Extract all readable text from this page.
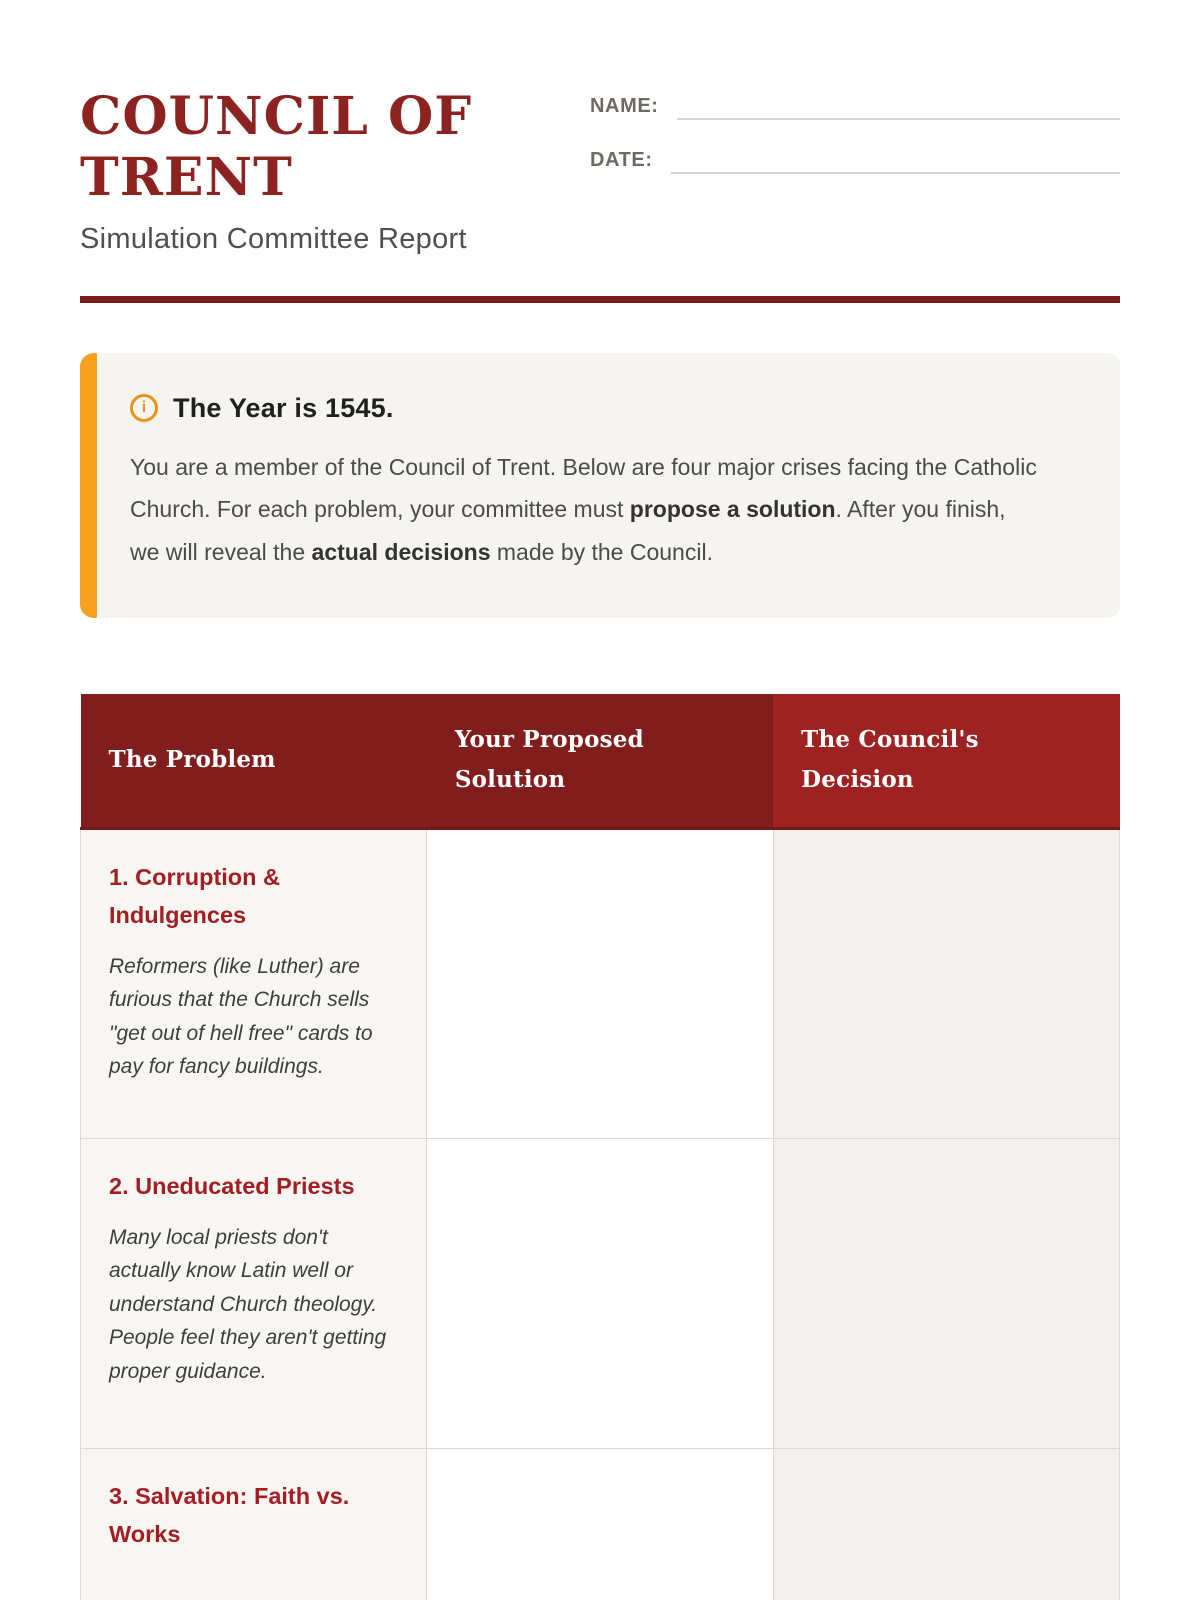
COUNCIL OF TRENT
Simulation Committee Report
NAME:
DATE:
i The Year is 1545.

You are a member of the Council of Trent. Below are four major crises facing the Catholic Church. For each problem, your committee must propose a solution. After you finish, we will reveal the actual decisions made by the Council.

The Problem	Your Proposed Solution	The Council's Decision

1. Corruption & Indulgences
Reformers (like Luther) are furious that the Church sells "get out of hell free" cards to pay for fancy buildings.		

2. Uneducated Priests
Many local priests don't actually know Latin well or understand Church theology. People feel they aren't getting proper guidance.		

3. Salvation: Faith vs. Works		
